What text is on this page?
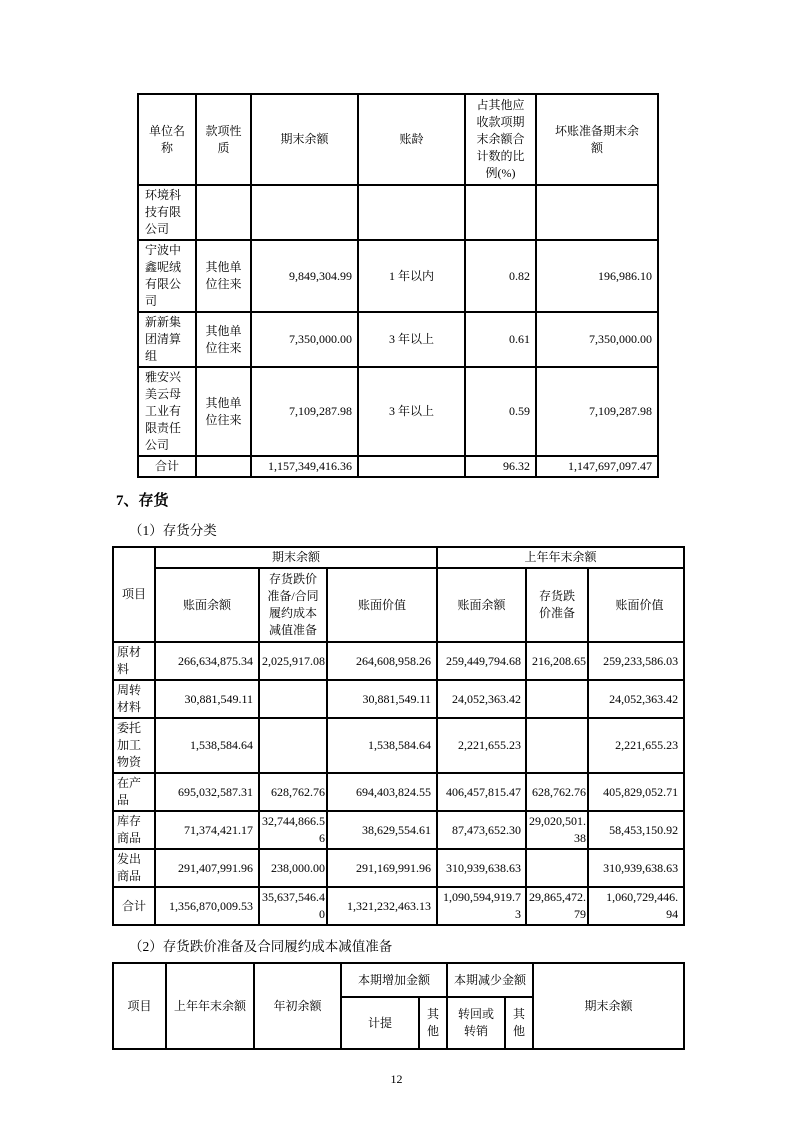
单位名称	款项性质	期末余额	账龄	占其他应收款项期末余额合计数的比例(%)	坏账准备期末余额
环境科技有限公司					
宁波中鑫呢绒有限公司	其他单位往来	9,849,304.99	1 年以内	0.82	196,986.10
新新集团清算组	其他单位往来	7,350,000.00	3 年以上	0.61	7,350,000.00
雅安兴美云母工业有限责任公司	其他单位往来	7,109,287.98	3 年以上	0.59	7,109,287.98
合计		1,157,349,416.36		96.32	1,147,697,097.47
7、存货
（1）存货分类
项目	期末余额			上年年末余额		
	账面余额	存货跌价准备/合同履约成本减值准备	账面价值	账面余额	存货跌价准备	账面价值
原材料	266,634,875.34	2,025,917.08	264,608,958.26	259,449,794.68	216,208.65	259,233,586.03
周转材料	30,881,549.11		30,881,549.11	24,052,363.42		24,052,363.42
委托加工物资	1,538,584.64		1,538,584.64	2,221,655.23		2,221,655.23
在产品	695,032,587.31	628,762.76	694,403,824.55	406,457,815.47	628,762.76	405,829,052.71
库存商品	71,374,421.17	32,744,866.56	38,629,554.61	87,473,652.30	29,020,501.38	58,453,150.92
发出商品	291,407,991.96	238,000.00	291,169,991.96	310,939,638.63		310,939,638.63
合计	1,356,870,009.53	35,637,546.40	1,321,232,463.13	1,090,594,919.73	29,865,472.79	1,060,729,446.94
（2）存货跌价准备及合同履约成本减值准备
项目	上年年末余额	年初余额	本期增加金额		本期减少金额		期末余额
			计提	其他	转回或转销	其他	
12
